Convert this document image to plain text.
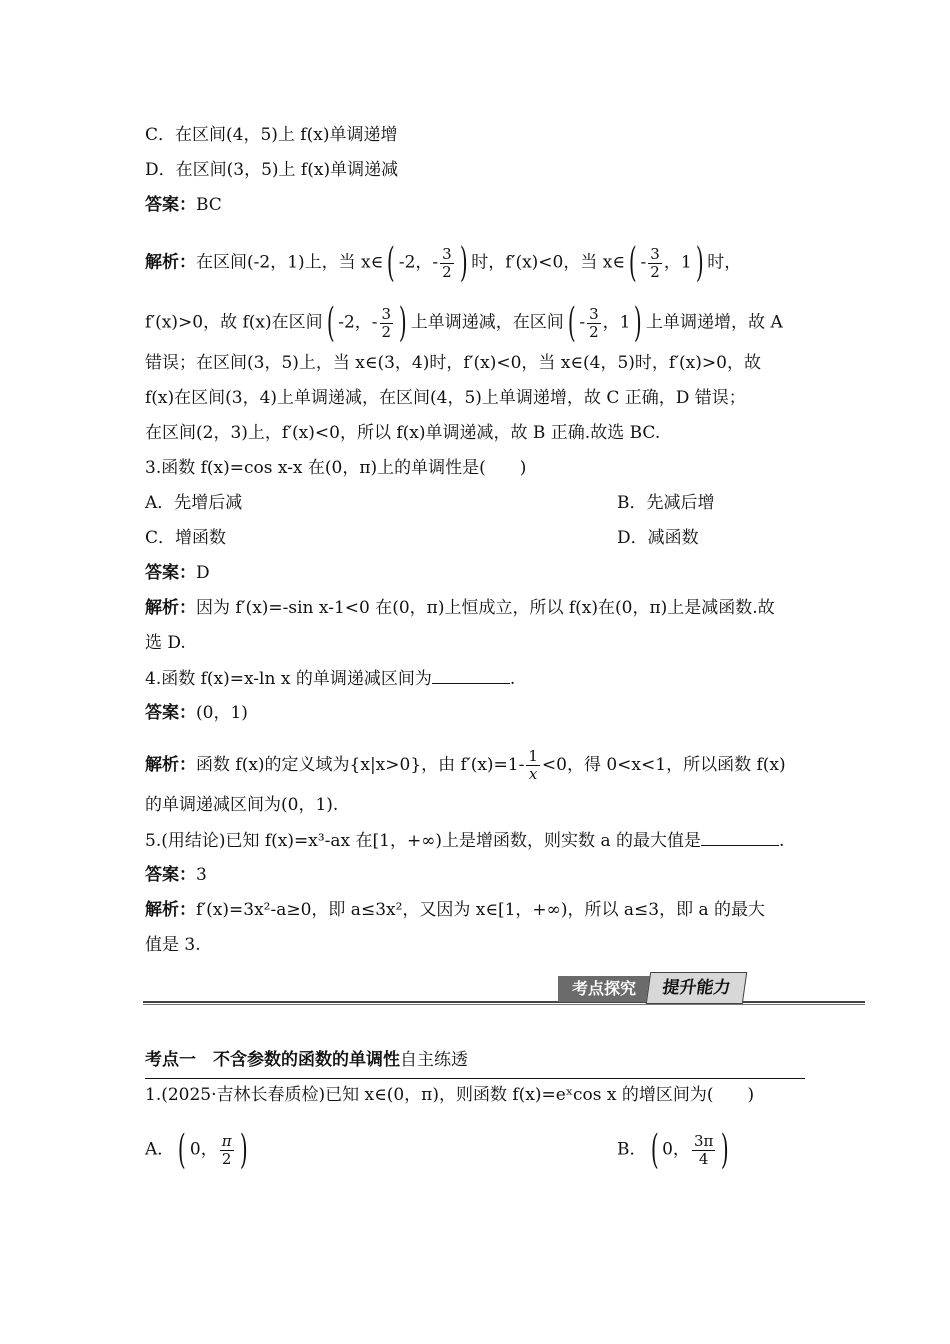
C．在区间(4，5)上 f(x)单调递增
D．在区间(3，5)上 f(x)单调递减
答案：BC
解析：在区间(-2，1)上，当 x∈( -2，- $\frac{3}{2}$ ) 时，f′(x)<0，当 x∈( - $\frac{3}{2}$ ，1) 时，
f′(x)>0，故 f(x)在区间( -2，- $\frac{3}{2}$ ) 上单调递减，在区间( - $\frac{3}{2}$ ，1) 上单调递增，故 A
错误；在区间(3，5)上，当 x∈(3，4)时，f′(x)<0，当 x∈(4，5)时，f′(x)>0，故
f(x)在区间(3，4)上单调递减，在区间(4，5)上单调递增，故 C 正确，D 错误；
在区间(2，3)上，f′(x)<0，所以 f(x)单调递减，故 B 正确.故选 BC.
3.函数 f(x)=cos x-x 在(0，π)上的单调性是(　　)
A．先增后减	B．先减后增
C．增函数	D．减函数
答案：D
解析：因为 f′(x)=-sin x-1<0 在(0，π)上恒成立，所以 f(x)在(0，π)上是减函数.故
选 D.
4.函数 f(x)=x-ln x 的单调递减区间为	.
答案：(0，1)
解析：函数 f(x)的定义域为{x|x>0}，由 $f'(x)=1- \frac{1}{x} <0$，得 0<x<1，所以函数 f(x)
的单调递减区间为(0，1).
5.(用结论)已知 f(x)=x³-ax 在[1，+∞)上是增函数，则实数 a 的最大值是	.
答案：3
解析：f′(x)=3x²-a≥0，即 a≤3x²，又因为 x∈[1，+∞)，所以 a≤3，即 a 的最大
值是 3.
考点探究	提升能力
考点一　不含参数的函数的单调性自主练透
1.(2025·吉林长春质检)已知 x∈(0，π)，则函数 f(x)=eˣcos x 的增区间为(　　)
A．( 0， $\frac{\pi}{2}$ )	B．( 0， $\frac{3\pi}{4}$ )
